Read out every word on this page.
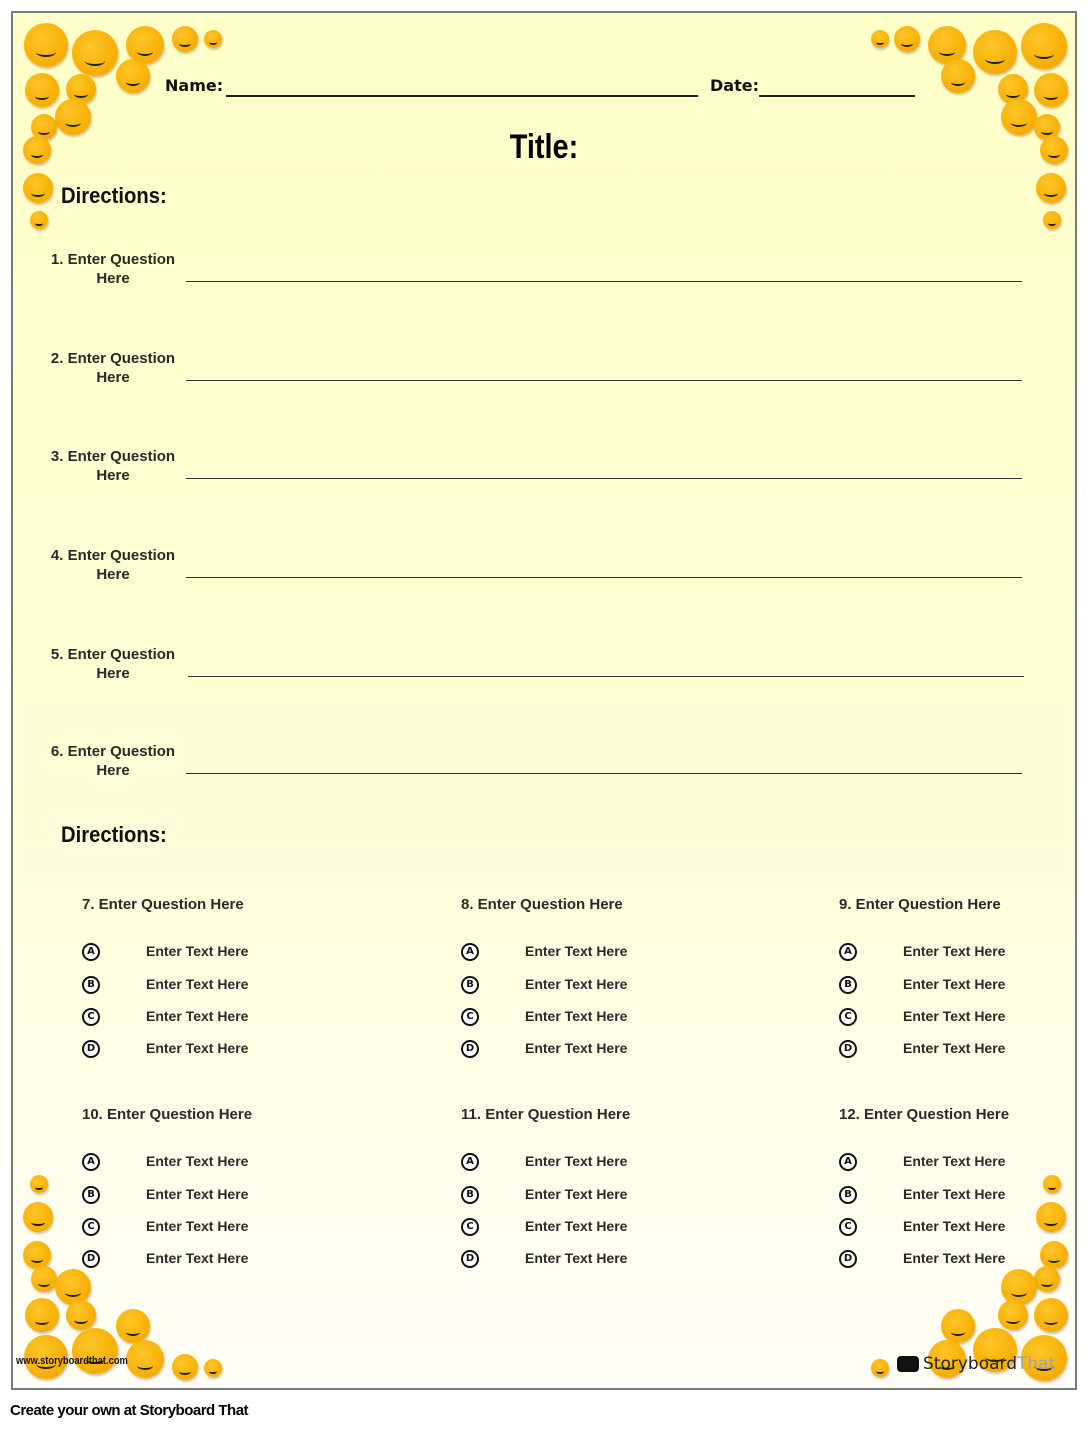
Name:	Date:
Title:
Directions:
1. Enter Question Here
2. Enter Question Here
3. Enter Question Here
4. Enter Question Here
5. Enter Question Here
6. Enter Question Here
Directions:
7. Enter Question Here
A	Enter Text Here
B	Enter Text Here
C	Enter Text Here
D	Enter Text Here
8. Enter Question Here
A	Enter Text Here
B	Enter Text Here
C	Enter Text Here
D	Enter Text Here
9. Enter Question Here
A	Enter Text Here
B	Enter Text Here
C	Enter Text Here
D	Enter Text Here
10. Enter Question Here
A	Enter Text Here
B	Enter Text Here
C	Enter Text Here
D	Enter Text Here
11. Enter Question Here
A	Enter Text Here
B	Enter Text Here
C	Enter Text Here
D	Enter Text Here
12. Enter Question Here
A	Enter Text Here
B	Enter Text Here
C	Enter Text Here
D	Enter Text Here
www.storyboardthat.com	StoryboardThat
Create your own at Storyboard That
